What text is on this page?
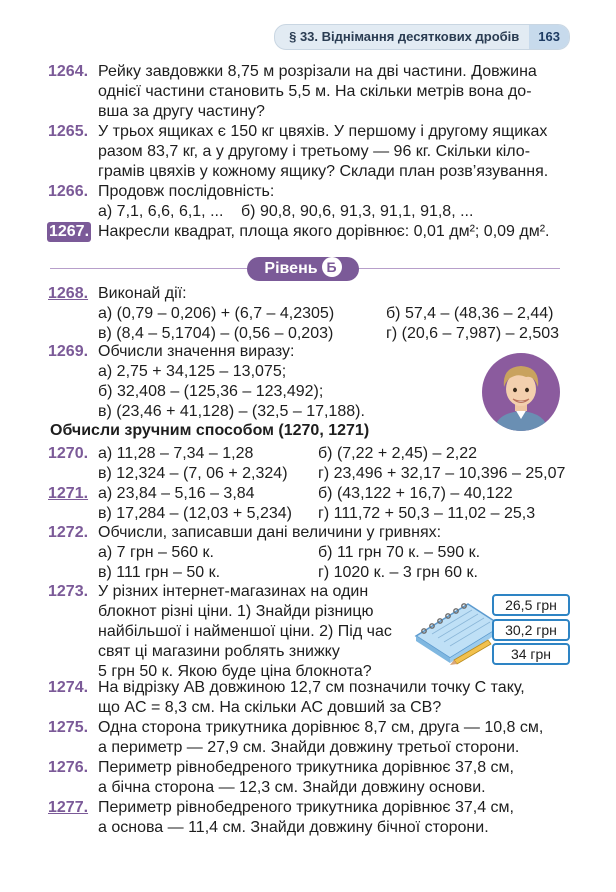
§ 33. Віднімання десяткових дробів	163
1264. Рейку завдовжки 8,75 м розрізали на дві частини. Довжина
однієї частини становить 5,5 м. На скільки метрів вона до-
вша за другу частину?
1265. У трьох ящиках є 150 кг цвяхів. У першому і другому ящиках
разом 83,7 кг, а у другому і третьому — 96 кг. Скільки кіло-
грамів цвяхів у кожному ящику? Склади план розв’язування.
1266. Продовж послідовність:
а) 7,1, 6,6, 6,1, ... б) 90,8, 90,6, 91,3, 91,1, 91,8, ...
1267. Накресли квадрат, площа якого дорівнює: 0,01 дм²; 0,09 дм².
Рівень Б
1268. Виконай дії:
а) (0,79 – 0,206) + (6,7 – 4,2305)	б) 57,4 – (48,36 – 2,44)
в) (8,4 – 5,1704) – (0,56 – 0,203)	г) (20,6 – 7,987) – 2,503
1269. Обчисли значення виразу:
а) 2,75 + 34,125 – 13,075;
б) 32,408 – (125,36 – 123,492);
в) (23,46 + 41,128) – (32,5 – 17,188).
Обчисли зручним способом (1270, 1271)
1270. а) 11,28 – 7,34 – 1,28	б) (7,22 + 2,45) – 2,22
в) 12,324 – (7, 06 + 2,324) г) 23,496 + 32,17 – 10,396 – 25,07
1271. а) 23,84 – 5,16 – 3,84	б) (43,122 + 16,7) – 40,122
в) 17,284 – (12,03 + 5,234) г) 111,72 + 50,3 – 11,02 – 25,3
1272. Обчисли, записавши дані величини у гривнях:
а) 7 грн – 560 к.	б) 11 грн 70 к. – 590 к.
в) 111 грн – 50 к.	г) 1020 к. – 3 грн 60 к.
1273. У різних інтернет-магазинах на один
блокнот різні ціни. 1) Знайди різницю
найбільшої і найменшої ціни. 2) Під час
свят ці магазини роблять знижку
5 грн 50 к. Якою буде ціна блокнота?
26,5 грн
30,2 грн
34 грн
1274. На відрізку AB довжиною 12,7 см позначили точку C таку,
що AC = 8,3 см. На скільки AC довший за CB?
1275. Одна сторона трикутника дорівнює 8,7 см, друга — 10,8 см,
а периметр — 27,9 см. Знайди довжину третьої сторони.
1276. Периметр рівнобедреного трикутника дорівнює 37,8 см,
а бічна сторона — 12,3 см. Знайди довжину основи.
1277. Периметр рівнобедреного трикутника дорівнює 37,4 см,
а основа — 11,4 см. Знайди довжину бічної сторони.
